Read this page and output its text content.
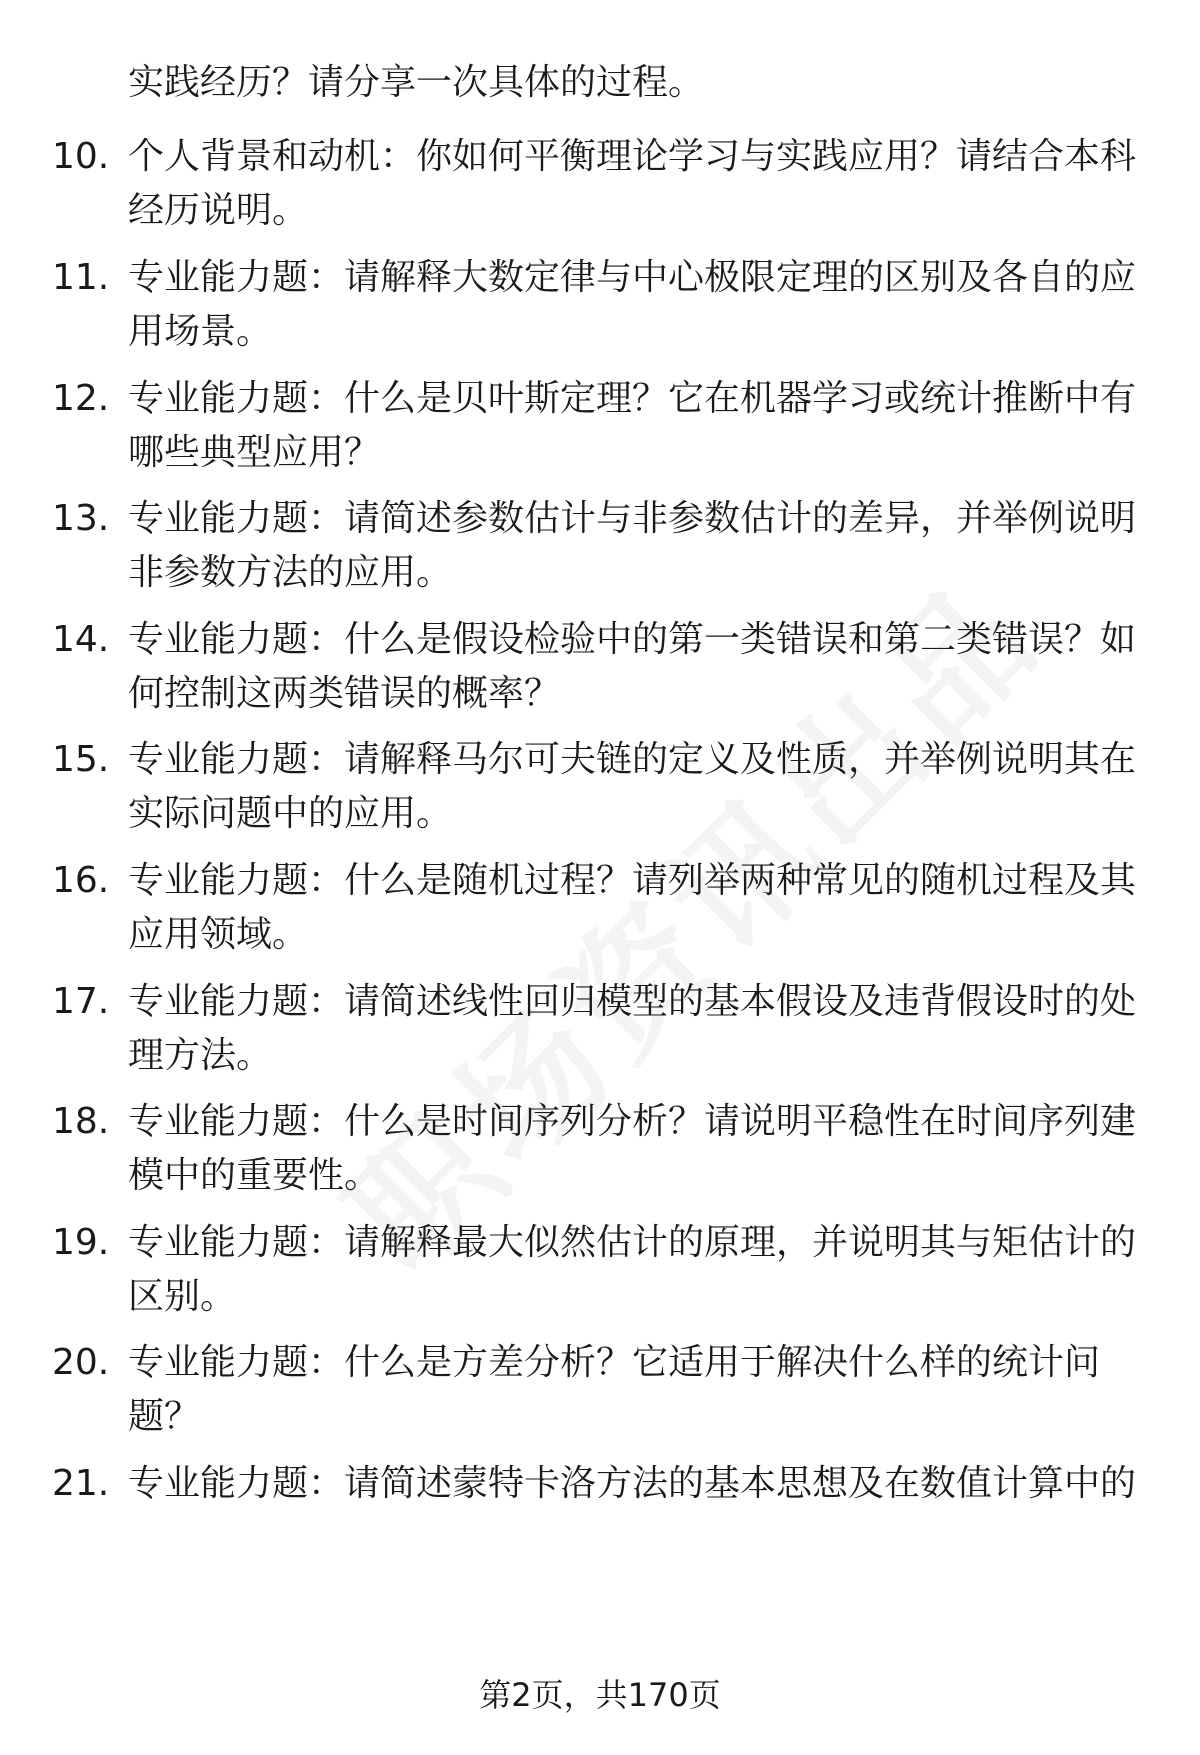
实践经历？请分享一次具体的过程。
10. 个人背景和动机：你如何平衡理论学习与实践应用？请结合本科经历说明。
11. 专业能力题：请解释大数定律与中心极限定理的区别及各自的应用场景。
12. 专业能力题：什么是贝叶斯定理？它在机器学习或统计推断中有哪些典型应用？
13. 专业能力题：请简述参数估计与非参数估计的差异，并举例说明非参数方法的应用。
14. 专业能力题：什么是假设检验中的第一类错误和第二类错误？如何控制这两类错误的概率？
15. 专业能力题：请解释马尔可夫链的定义及性质，并举例说明其在实际问题中的应用。
16. 专业能力题：什么是随机过程？请列举两种常见的随机过程及其应用领域。
17. 专业能力题：请简述线性回归模型的基本假设及违背假设时的处理方法。
18. 专业能力题：什么是时间序列分析？请说明平稳性在时间序列建模中的重要性。
19. 专业能力题：请解释最大似然估计的原理，并说明其与矩估计的区别。
20. 专业能力题：什么是方差分析？它适用于解决什么样的统计问题？
21. 专业能力题：请简述蒙特卡洛方法的基本思想及在数值计算中的
第2页，共170页
